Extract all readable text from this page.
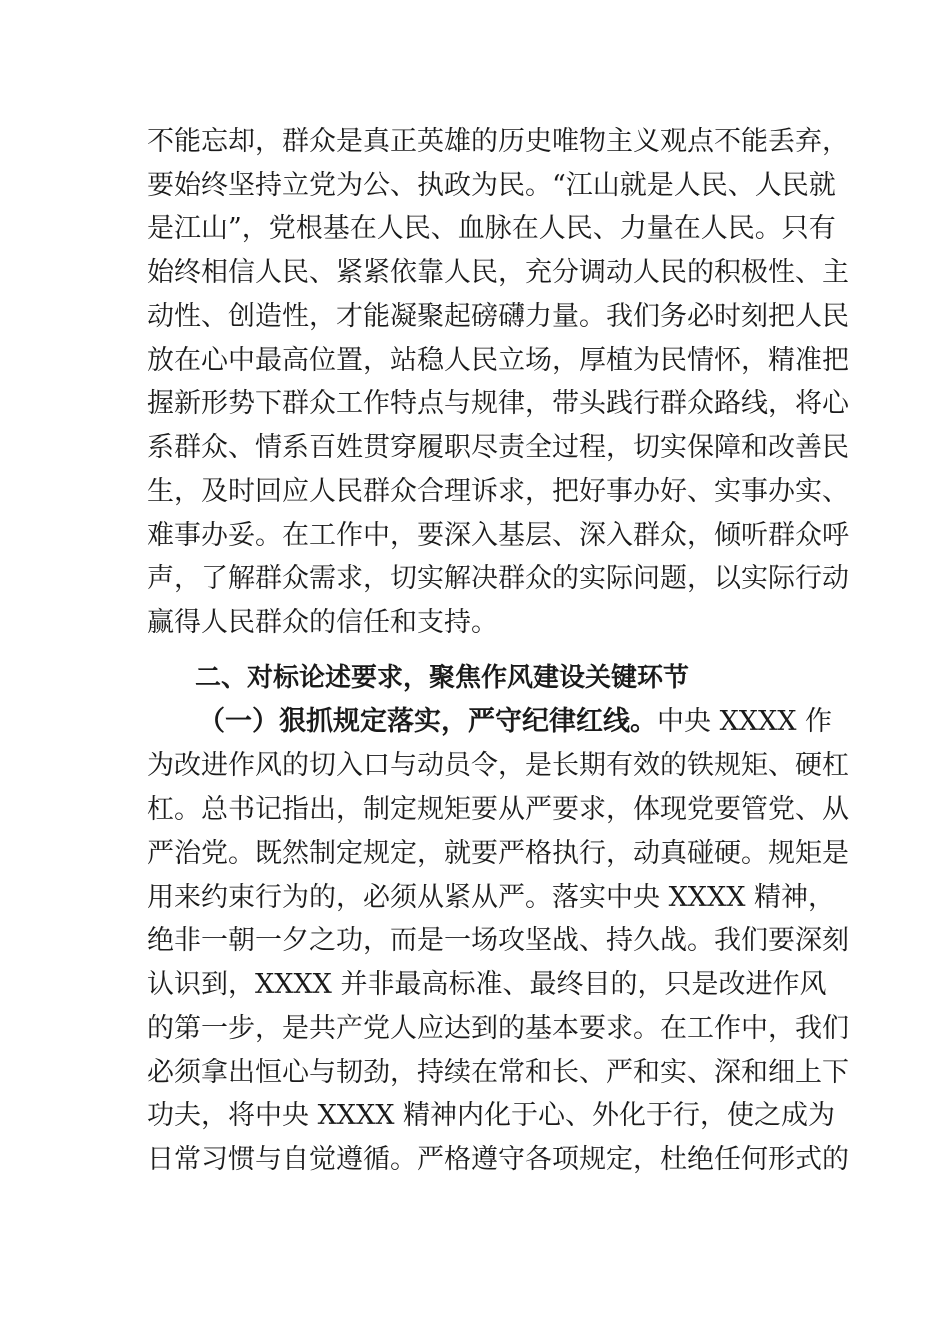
不能忘却，群众是真正英雄的历史唯物主义观点不能丢弃，
要始终坚持立党为公、执政为民。“江山就是人民、人民就
是江山”，党根基在人民、血脉在人民、力量在人民。只有
始终相信人民、紧紧依靠人民，充分调动人民的积极性、主
动性、创造性，才能凝聚起磅礴力量。我们务必时刻把人民
放在心中最高位置，站稳人民立场，厚植为民情怀，精准把
握新形势下群众工作特点与规律，带头践行群众路线，将心
系群众、情系百姓贯穿履职尽责全过程，切实保障和改善民
生，及时回应人民群众合理诉求，把好事办好、实事办实、
难事办妥。在工作中，要深入基层、深入群众，倾听群众呼
声，了解群众需求，切实解决群众的实际问题，以实际行动
赢得人民群众的信任和支持。
二、对标论述要求，聚焦作风建设关键环节
（一）狠抓规定落实，严守纪律红线。中央 XXXX 作
为改进作风的切入口与动员令，是长期有效的铁规矩、硬杠
杠。总书记指出，制定规矩要从严要求，体现党要管党、从
严治党。既然制定规定，就要严格执行，动真碰硬。规矩是
用来约束行为的，必须从紧从严。落实中央 XXXX 精神，
绝非一朝一夕之功，而是一场攻坚战、持久战。我们要深刻
认识到，XXXX 并非最高标准、最终目的，只是改进作风
的第一步，是共产党人应达到的基本要求。在工作中，我们
必须拿出恒心与韧劲，持续在常和长、严和实、深和细上下
功夫，将中央 XXXX 精神内化于心、外化于行，使之成为
日常习惯与自觉遵循。严格遵守各项规定，杜绝任何形式的
